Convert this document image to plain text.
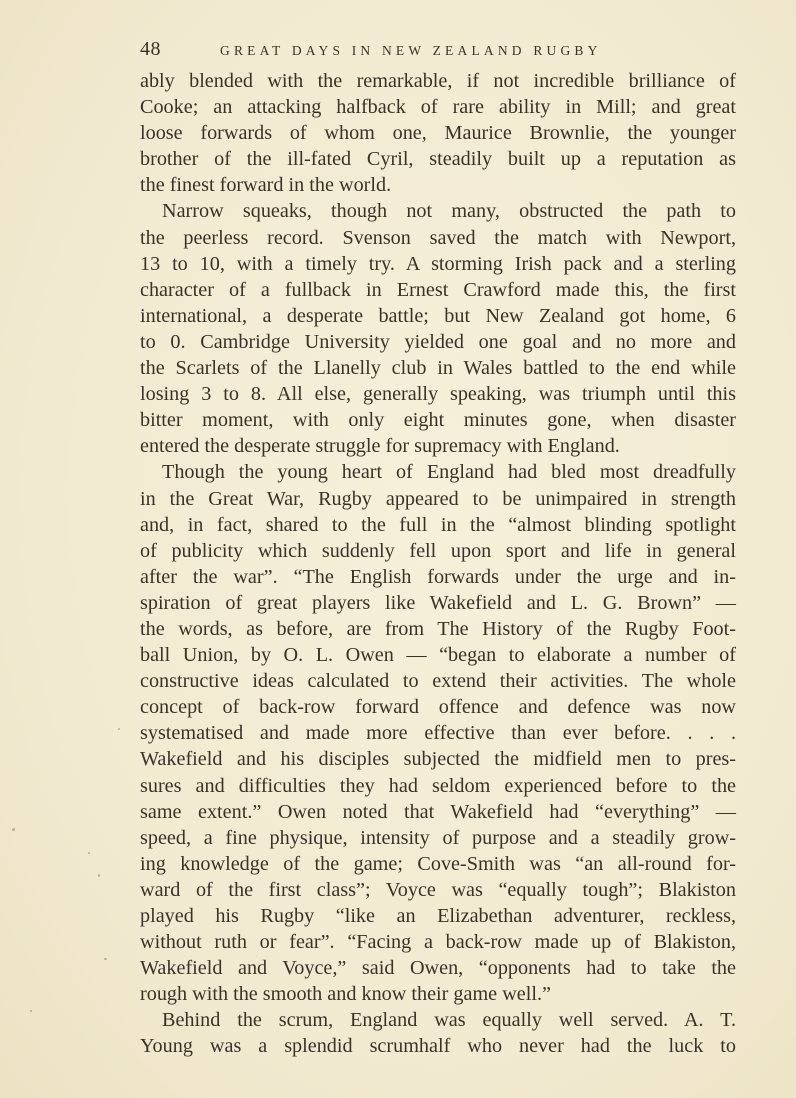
48	GREAT DAYS IN NEW ZEALAND RUGBY
ably blended with the remarkable, if not incredible brilliance of
Cooke; an attacking halfback of rare ability in Mill; and great
loose forwards of whom one, Maurice Brownlie, the younger
brother of the ill-fated Cyril, steadily built up a reputation as
the finest forward in the world.
Narrow squeaks, though not many, obstructed the path to
the peerless record. Svenson saved the match with Newport,
13 to 10, with a timely try. A storming Irish pack and a sterling
character of a fullback in Ernest Crawford made this, the first
international, a desperate battle; but New Zealand got home, 6
to 0. Cambridge University yielded one goal and no more and
the Scarlets of the Llanelly club in Wales battled to the end while
losing 3 to 8. All else, generally speaking, was triumph until this
bitter moment, with only eight minutes gone, when disaster
entered the desperate struggle for supremacy with England.
Though the young heart of England had bled most dreadfully
in the Great War, Rugby appeared to be unimpaired in strength
and, in fact, shared to the full in the “almost blinding spotlight
of publicity which suddenly fell upon sport and life in general
after the war”. “The English forwards under the urge and in-
spiration of great players like Wakefield and L. G. Brown” —
the words, as before, are from The History of the Rugby Foot-
ball Union, by O. L. Owen — “began to elaborate a number of
constructive ideas calculated to extend their activities. The whole
concept of back-row forward offence and defence was now
systematised and made more effective than ever before. . . .
Wakefield and his disciples subjected the midfield men to pres-
sures and difficulties they had seldom experienced before to the
same extent.” Owen noted that Wakefield had “everything” —
speed, a fine physique, intensity of purpose and a steadily grow-
ing knowledge of the game; Cove-Smith was “an all-round for-
ward of the first class”; Voyce was “equally tough”; Blakiston
played his Rugby “like an Elizabethan adventurer, reckless,
without ruth or fear”. “Facing a back-row made up of Blakiston,
Wakefield and Voyce,” said Owen, “opponents had to take the
rough with the smooth and know their game well.”
Behind the scrum, England was equally well served. A. T.
Young was a splendid scrumhalf who never had the luck to
